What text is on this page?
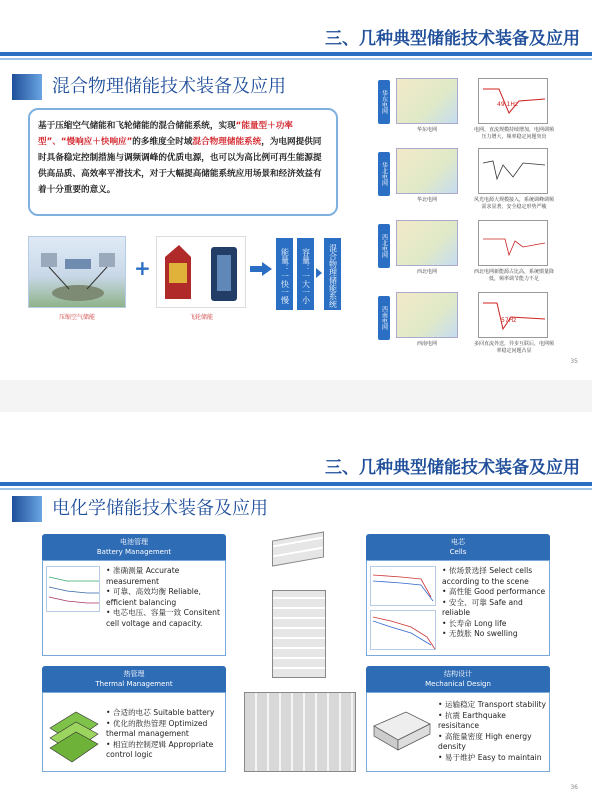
三、几种典型储能技术装备及应用
混合物理储能技术装备及应用
基于压缩空气储能和飞轮储能的混合储能系统，实现“能量型＋功率型”、“慢响应＋快响应”的多维度全时域混合物理储能系统，为电网提供同时具备稳定控制措施与调频调峰的优质电源，也可以为高比例可再生能源提供高品质、高效率平滑技术，对于大幅提高储能系统应用场景和经济效益有着十分重要的意义。
压缩空气储能
+
飞轮储能
能量：一快一慢	容量：一大一小	混合物理储能系统
华东电网
华东电网
49.1Hz
电网、直流规模持续增加，电网调频压力增大，频率稳定问题突出
华北电网
华北电网	风光电源大规模接入，系统调峰调频需求显著，安全稳定形势严峻
西北电网
西北电网	西北电网新能源占比高，系统惯量降低，频率调节能力不足
西南电网
西南电网
57Hz
多回直流外送，异步互联后，电网频率稳定问题凸显
35
三、几种典型储能技术装备及应用
电化学储能技术装备及应用
电池管理
Battery Management
• 准确测量 Accurate measurement
• 可靠、高效均衡 Reliable, efficient balancing
• 电芯电压、容量一致 Consitent cell voltage and capacity.
电芯
Cells
• 依场景选择 Select cells according to the scene
• 高性能 Good performance
• 安全、可靠 Safe and reliable
• 长寿命 Long life
• 无鼓胀 No swelling
热管理
Thermal Management
• 合适的电芯 Suitable battery
• 优化的散热管理 Optimized thermal management
• 相宜的控制逻辑 Appropriate control logic
结构设计
Mechanical Design
• 运输稳定 Transport stability
• 抗震 Earthquake resisitance
• 高能量密度 High energy density
• 易于维护 Easy to maintain
36
